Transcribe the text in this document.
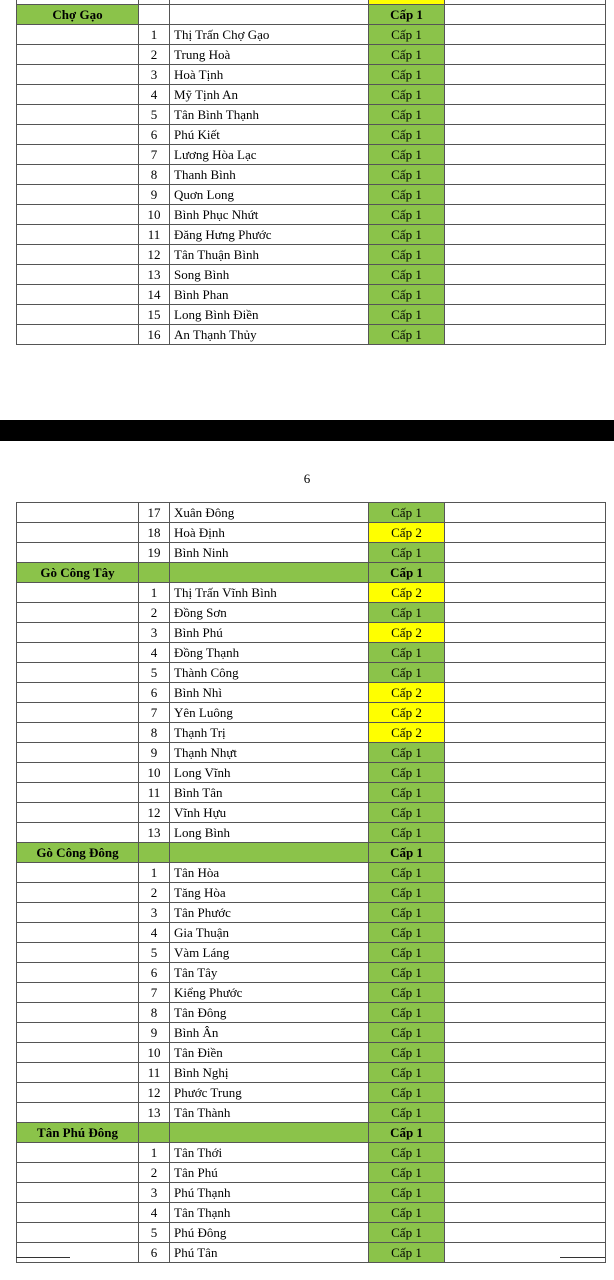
Chợ Gạo			Cấp 1	
	1	Thị Trấn Chợ Gạo	Cấp 1	
	2	Trung Hoà	Cấp 1	
	3	Hoà Tịnh	Cấp 1	
	4	Mỹ Tịnh An	Cấp 1	
	5	Tân Bình Thạnh	Cấp 1	
	6	Phú Kiết	Cấp 1	
	7	Lương Hòa Lạc	Cấp 1	
	8	Thanh Bình	Cấp 1	
	9	Quơn Long	Cấp 1	
	10	Bình Phục Nhứt	Cấp 1	
	11	Đăng Hưng Phước	Cấp 1	
	12	Tân Thuận Bình	Cấp 1	
	13	Song Bình	Cấp 1	
	14	Bình Phan	Cấp 1	
	15	Long Bình Điền	Cấp 1	
	16	An Thạnh Thủy	Cấp 1	
6
	17	Xuân Đông	Cấp 1	
	18	Hoà Định	Cấp 2	
	19	Bình Ninh	Cấp 1	
Gò Công Tây			Cấp 1	
	1	Thị Trấn Vĩnh Bình	Cấp 2	
	2	Đồng Sơn	Cấp 1	
	3	Bình Phú	Cấp 2	
	4	Đồng Thạnh	Cấp 1	
	5	Thành Công	Cấp 1	
	6	Bình Nhì	Cấp 2	
	7	Yên Luông	Cấp 2	
	8	Thạnh Trị	Cấp 2	
	9	Thạnh Nhựt	Cấp 1	
	10	Long Vĩnh	Cấp 1	
	11	Bình Tân	Cấp 1	
	12	Vĩnh Hựu	Cấp 1	
	13	Long Bình	Cấp 1	
Gò Công Đông			Cấp 1	
	1	Tân Hòa	Cấp 1	
	2	Tăng Hòa	Cấp 1	
	3	Tân Phước	Cấp 1	
	4	Gia Thuận	Cấp 1	
	5	Vàm Láng	Cấp 1	
	6	Tân Tây	Cấp 1	
	7	Kiểng Phước	Cấp 1	
	8	Tân Đông	Cấp 1	
	9	Bình Ân	Cấp 1	
	10	Tân Điền	Cấp 1	
	11	Bình Nghị	Cấp 1	
	12	Phước Trung	Cấp 1	
	13	Tân Thành	Cấp 1	
Tân Phú Đông			Cấp 1	
	1	Tân Thới	Cấp 1	
	2	Tân Phú	Cấp 1	
	3	Phú Thạnh	Cấp 1	
	4	Tân Thạnh	Cấp 1	
	5	Phú Đông	Cấp 1	
	6	Phú Tân	Cấp 1	
